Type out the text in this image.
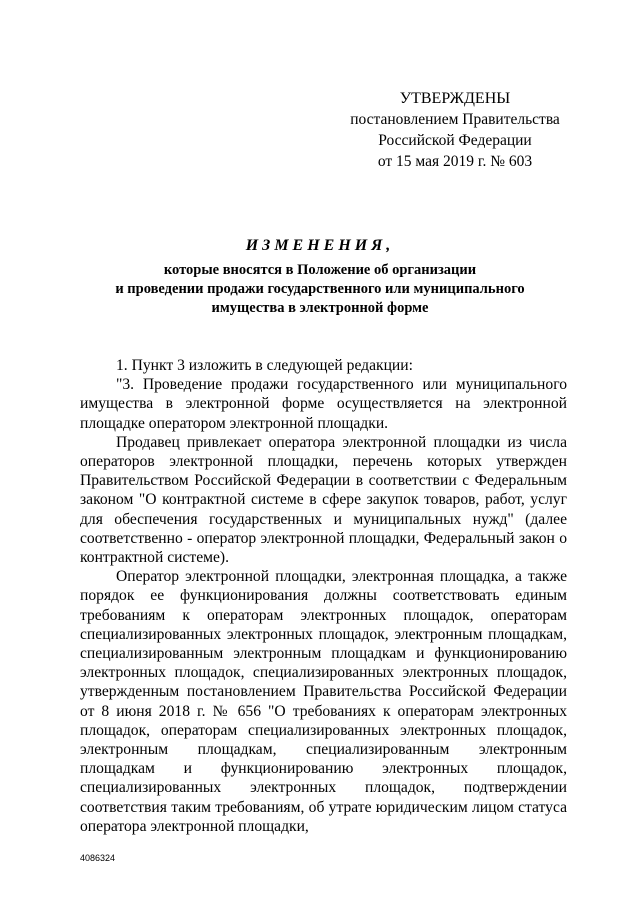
УТВЕРЖДЕНЫ
постановлением Правительства
Российской Федерации
от 15 мая 2019 г. № 603
ИЗМЕНЕНИЯ,
которые вносятся в Положение об организации
и проведении продажи государственного или муниципального
имущества в электронной форме

1. Пункт 3 изложить в следующей редакции:

"3. Проведение продажи государственного или муниципального имущества в электронной форме осуществляется на электронной площадке оператором электронной площадки.

Продавец привлекает оператора электронной площадки из числа операторов электронной площадки, перечень которых утвержден Правительством Российской Федерации в соответствии с Федеральным законом "О контрактной системе в сфере закупок товаров, работ, услуг для обеспечения государственных и муниципальных нужд" (далее соответственно - оператор электронной площадки, Федеральный закон о контрактной системе).

Оператор электронной площадки, электронная площадка, а также порядок ее функционирования должны соответствовать единым требованиям к операторам электронных площадок, операторам специализированных электронных площадок, электронным площадкам, специализированным электронным площадкам и функционированию электронных площадок, специализированных электронных площадок, утвержденным постановлением Правительства Российской Федерации от 8 июня 2018 г. № 656 "О требованиях к операторам электронных площадок, операторам специализированных электронных площадок, электронным площадкам, специализированным электронным площадкам и функционированию электронных площадок, специализированных электронных площадок, подтверждении соответствия таким требованиям, об утрате юридическим лицом статуса оператора электронной площадки,

4086324
